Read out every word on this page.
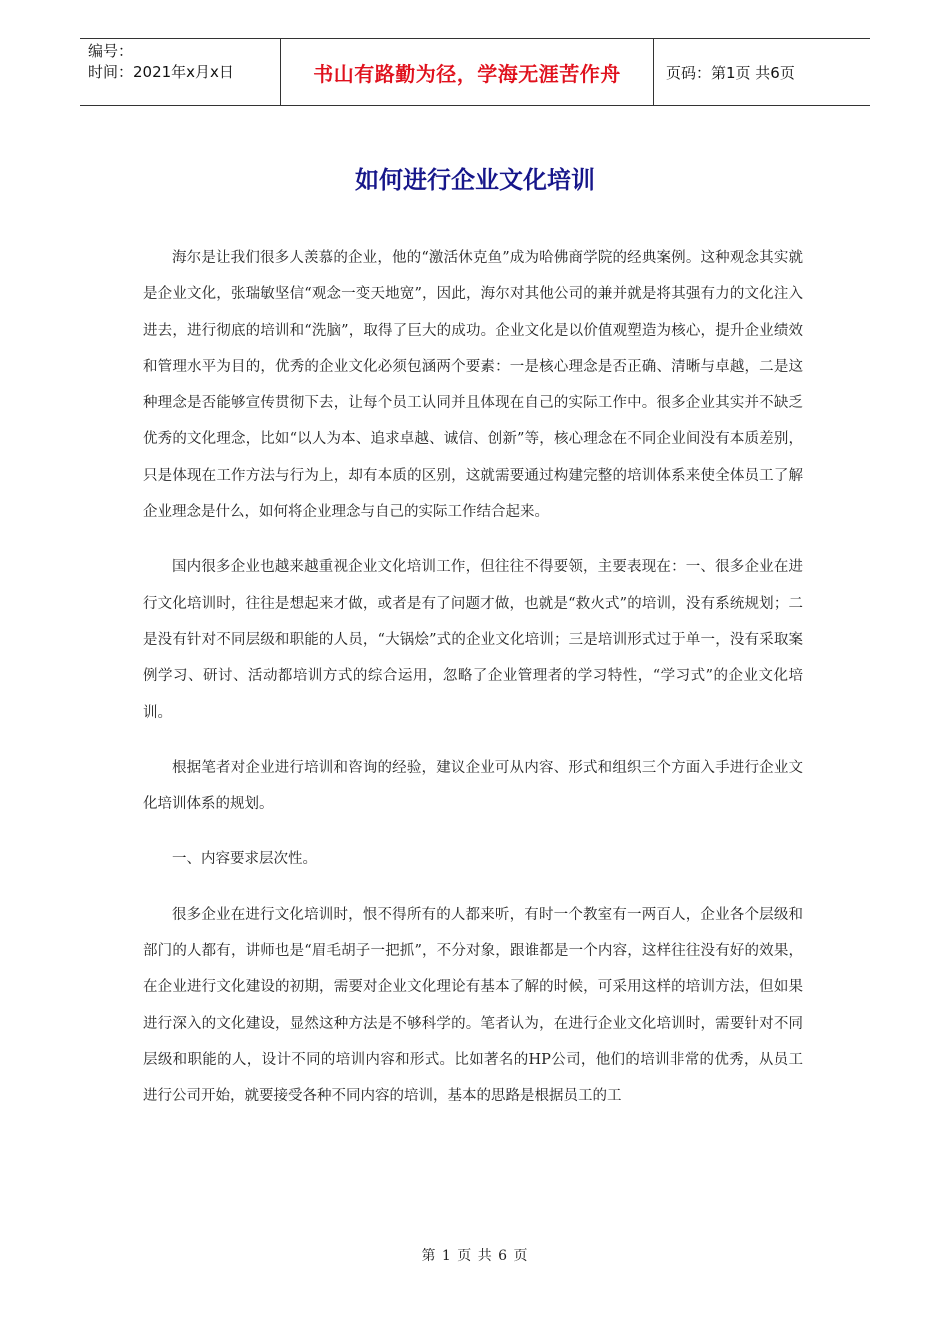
编号：
时间：2021年x月x日	书山有路勤为径，学海无涯苦作舟	页码：第1页 共6页
如何进行企业文化培训

海尔是让我们很多人羡慕的企业，他的“激活休克鱼”成为哈佛商学院的经典案例。这种观念其实就是企业文化，张瑞敏坚信“观念一变天地宽”，因此，海尔对其他公司的兼并就是将其强有力的文化注入进去，进行彻底的培训和“洗脑”，取得了巨大的成功。企业文化是以价值观塑造为核心，提升企业绩效和管理水平为目的，优秀的企业文化必须包涵两个要素：一是核心理念是否正确、清晰与卓越，二是这种理念是否能够宣传贯彻下去，让每个员工认同并且体现在自己的实际工作中。很多企业其实并不缺乏优秀的文化理念，比如“以人为本、追求卓越、诚信、创新”等，核心理念在不同企业间没有本质差别，只是体现在工作方法与行为上，却有本质的区别，这就需要通过构建完整的培训体系来使全体员工了解企业理念是什么，如何将企业理念与自己的实际工作结合起来。

国内很多企业也越来越重视企业文化培训工作，但往往不得要领，主要表现在：一、很多企业在进行文化培训时，往往是想起来才做，或者是有了问题才做，也就是“救火式”的培训，没有系统规划；二是没有针对不同层级和职能的人员，“大锅烩”式的企业文化培训；三是培训形式过于单一，没有采取案例学习、研讨、活动都培训方式的综合运用，忽略了企业管理者的学习特性，“学习式”的企业文化培训。

根据笔者对企业进行培训和咨询的经验，建议企业可从内容、形式和组织三个方面入手进行企业文化培训体系的规划。

一、内容要求层次性。

很多企业在进行文化培训时，恨不得所有的人都来听，有时一个教室有一两百人，企业各个层级和部门的人都有，讲师也是“眉毛胡子一把抓”，不分对象，跟谁都是一个内容，这样往往没有好的效果，在企业进行文化建设的初期，需要对企业文化理论有基本了解的时候，可采用这样的培训方法，但如果进行深入的文化建设，显然这种方法是不够科学的。笔者认为，在进行企业文化培训时，需要针对不同层级和职能的人，设计不同的培训内容和形式。比如著名的HP公司，他们的培训非常的优秀，从员工进行公司开始，就要接受各种不同内容的培训，基本的思路是根据员工的工

第 1 页 共 6 页
